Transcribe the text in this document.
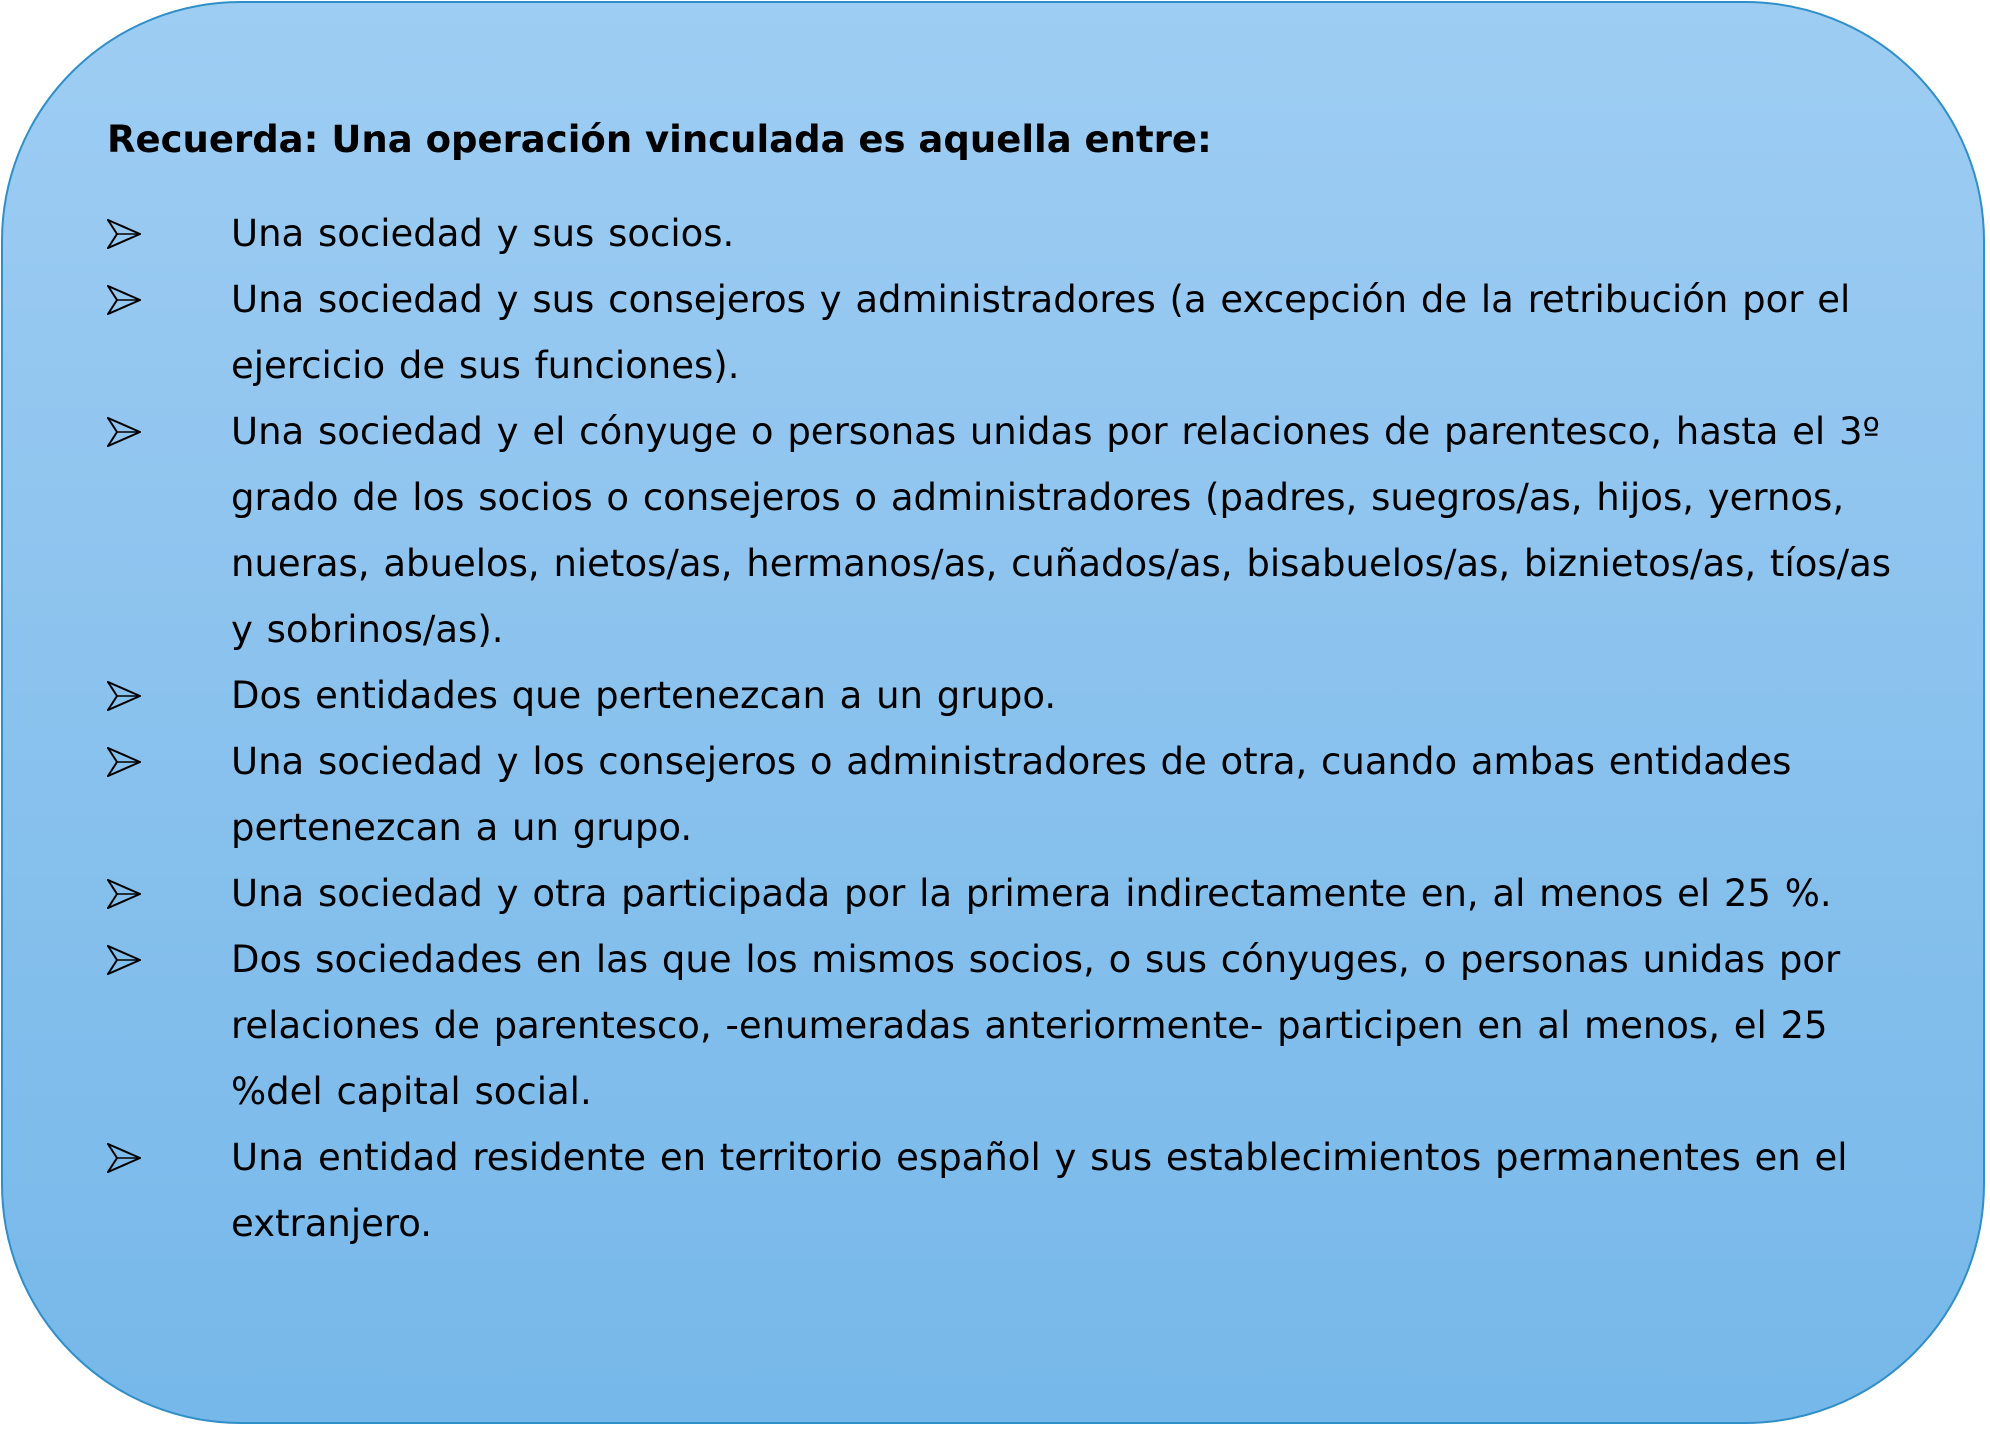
Recuerda: Una operación vinculada es aquella entre:

Una sociedad y sus socios.
Una sociedad y sus consejeros y administradores (a excepción de la retribución por el ejercicio de sus funciones).
Una sociedad y el cónyuge o personas unidas por relaciones de parentesco, hasta el 3º grado de los socios o consejeros o administradores (padres, suegros/as, hijos, yernos, nueras, abuelos, nietos/as, hermanos/as, cuñados/as, bisabuelos/as, biznietos/as, tíos/as y sobrinos/as).
Dos entidades que pertenezcan a un grupo.
Una sociedad y los consejeros o administradores de otra, cuando ambas entidades pertenezcan a un grupo.
Una sociedad y otra participada por la primera indirectamente en, al menos el 25 %.
Dos sociedades en las que los mismos socios, o sus cónyuges, o personas unidas por relaciones de parentesco, -enumeradas anteriormente- participen en al menos, el 25 %del capital social.
Una entidad residente en territorio español y sus establecimientos permanentes en el extranjero.
